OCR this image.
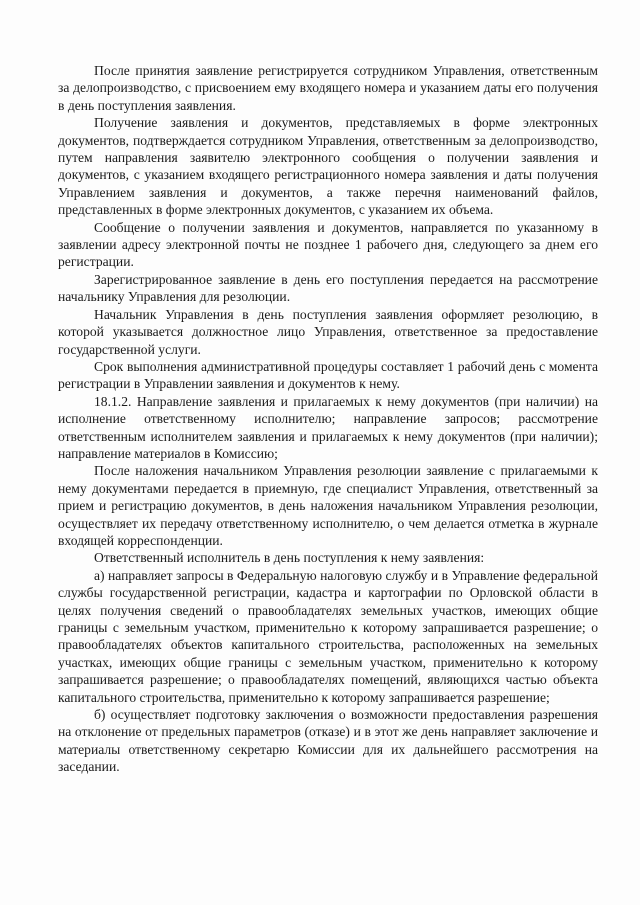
После принятия заявление регистрируется сотрудником Управления, ответственным за делопроизводство, с присвоением ему входящего номера и указанием даты его получения в день поступления заявления.

Получение заявления и документов, представляемых в форме электронных документов, подтверждается сотрудником Управления, ответственным за делопроизводство, путем направления заявителю электронного сообщения о получении заявления и документов, с указанием входящего регистрационного номера заявления и даты получения Управлением заявления и документов, а также перечня наименований файлов, представленных в форме электронных документов, с указанием их объема.

Сообщение о получении заявления и документов, направляется по указанному в заявлении адресу электронной почты не позднее 1 рабочего дня, следующего за днем его регистрации.

Зарегистрированное заявление в день его поступления передается на рассмотрение начальнику Управления для резолюции.

Начальник Управления в день поступления заявления оформляет резолюцию, в которой указывается должностное лицо Управления, ответственное за предоставление государственной услуги.

Срок выполнения административной процедуры составляет 1 рабочий день с момента регистрации в Управлении заявления и документов к нему.

18.1.2. Направление заявления и прилагаемых к нему документов (при наличии) на исполнение ответственному исполнителю; направление запросов; рассмотрение ответственным исполнителем заявления и прилагаемых к нему документов (при наличии); направление материалов в Комиссию;

После наложения начальником Управления резолюции заявление с прилагаемыми к нему документами передается в приемную, где специалист Управления, ответственный за прием и регистрацию документов, в день наложения начальником Управления резолюции, осуществляет их передачу ответственному исполнителю, о чем делается отметка в журнале входящей корреспонденции.

Ответственный исполнитель в день поступления к нему заявления:

а) направляет запросы в Федеральную налоговую службу и в Управление федеральной службы государственной регистрации, кадастра и картографии по Орловской области в целях получения сведений о правообладателях земельных участков, имеющих общие границы с земельным участком, применительно к которому запрашивается разрешение; о правообладателях объектов капитального строительства, расположенных на земельных участках, имеющих общие границы с земельным участком, применительно к которому запрашивается разрешение; о правообладателях помещений, являющихся частью объекта капитального строительства, применительно к которому запрашивается разрешение;

б) осуществляет подготовку заключения о возможности предоставления разрешения на отклонение от предельных параметров (отказе) и в этот же день направляет заключение и материалы ответственному секретарю Комиссии для их дальнейшего рассмотрения на заседании.
